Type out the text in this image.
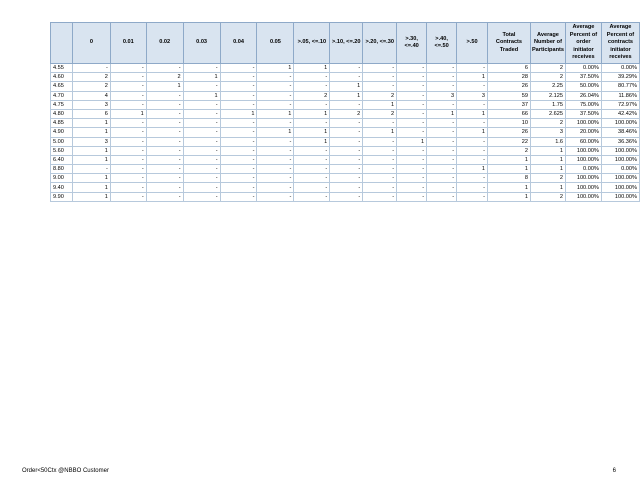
	0	0.01	0.02	0.03	0.04	0.05	>.05, <=.10	>.10, <=.20	>.20, <=.30	>.30, <=.40	>.40, <=.50	>.50	Total Contracts Traded	Average Number of Participants	Average Percent of order initiator receives	Average Percent of contracts initiator receives
4.55	-	-	-	-	-	1	1	-	-	-	-	-	6	2	0.00%	0.00%
4.60	2	-	2	1	-	-	-	-	-	-	-	1	28	2	37.50%	39.29%
4.65	2	-	1	-	-	-	-	1	-	-	-	-	26	2.25	50.00%	80.77%
4.70	4	-	-	1	-	-	2	1	2	-	3	3	59	2.125	26.04%	11.86%
4.75	3	-	-	-	-	-	-	-	1	-	-	-	37	1.75	75.00%	72.97%
4.80	6	1	-	-	1	1	1	2	2	-	1	1	66	2.625	37.50%	42.42%
4.85	1	-	-	-	-	-	-	-	-	-	-	-	10	2	100.00%	100.00%
4.90	1	-	-	-	-	1	1	-	1	-	-	1	26	3	20.00%	38.46%
5.00	3	-	-	-	-	-	1	-	-	1	-	-	22	1.6	60.00%	36.36%
5.60	1	-	-	-	-	-	-	-	-	-	-	-	2	1	100.00%	100.00%
6.40	1	-	-	-	-	-	-	-	-	-	-	-	1	1	100.00%	100.00%
8.80	-	-	-	-	-	-	-	-	-	-	-	1	1	1	0.00%	0.00%
9.00	1	-	-	-	-	-	-	-	-	-	-	-	8	2	100.00%	100.00%
9.40	1	-	-	-	-	-	-	-	-	-	-	-	1	1	100.00%	100.00%
9.90	1	-	-	-	-	-	-	-	-	-	-	-	1	2	100.00%	100.00%
Order<50Ctx @NBBO Customer	6
